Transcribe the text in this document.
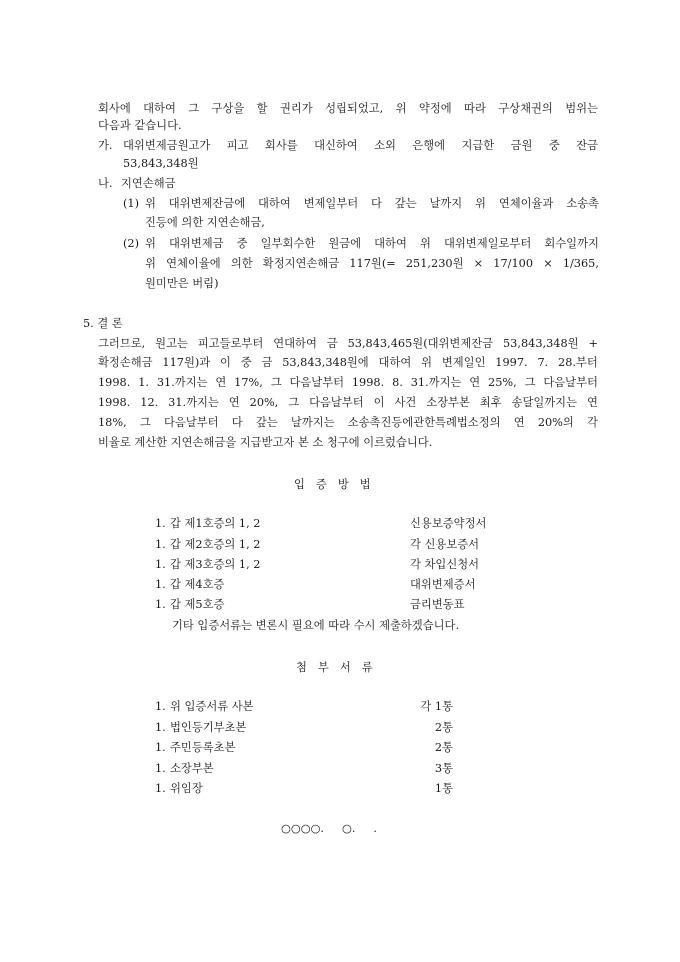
회사에 대하여 그 구상을 할 권리가 성립되었고, 위 약정에 따라 구상채권의 범위는
다음과 같습니다.
가. 대위변제금원고가 피고 회사를 대신하여 소외 은행에 지급한 금원 중 잔금
53,843,348원
나. 지연손해금
(1) 위 대위변제잔금에 대하여 변제일부터 다 갚는 날까지 위 연체이율과 소송촉
진등에 의한 지연손해금,
(2) 위 대위변제금 중 일부회수한 원금에 대하여 위 대위변제일로부터 회수일까지
위 연체이율에 의한 확정지연손해금 117원(= 251,230원 × 17/100 × 1/365,
원미만은 버림)
5. 결 론
그러므로, 원고는 피고들로부터 연대하여 금 53,843,465원(대위변제잔금 53,843,348원 +
확정손해금 117원)과 이 중 금 53,843,348원에 대하여 위 변제일인 1997. 7. 28.부터
1998. 1. 31.까지는 연 17%, 그 다음날부터 1998. 8. 31.까지는 연 25%, 그 다음날부터
1998. 12. 31.까지는 연 20%, 그 다음날부터 이 사건 소장부본 최후 송달일까지는 연
18%, 그 다음날부터 다 갚는 날까지는 소송촉진등에관한특례법소정의 연 20%의 각
비율로 계산한 지연손해금을 지급받고자 본 소 청구에 이르렀습니다.
입증방법
1. 갑 제1호증의 1, 2	신용보증약정서
1. 갑 제2호증의 1, 2	각 신용보증서
1. 갑 제3호증의 1, 2	각 차입신청서
1. 갑 제4호증	대위변제증서
1. 갑 제5호증	금리변동표
기타 입증서류는 변론시 필요에 따라 수시 제출하겠습니다.
첨부서류
1. 위 입증서류 사본	각 1통
1. 법인등기부초본	2통
1. 주민등록초본	2통
1. 소장부본	3통
1. 위임장	1통
○○○○.     ○.     .
